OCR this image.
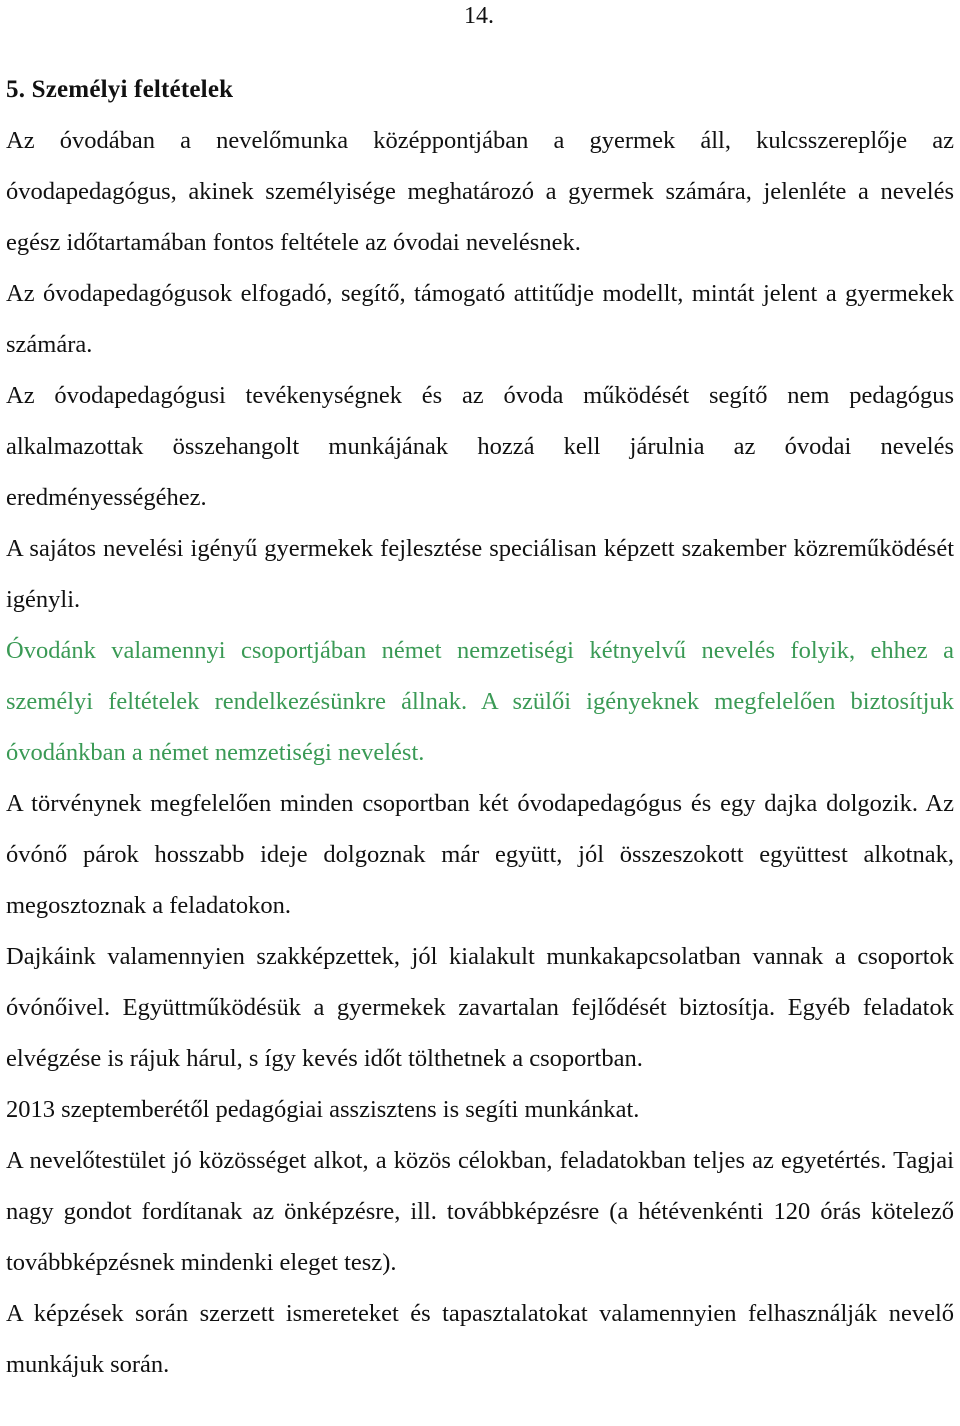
14.
5. Személyi feltételek

Az óvodában a nevelőmunka középpontjában a gyermek áll, kulcsszereplője az óvodapedagógus, akinek személyisége meghatározó a gyermek számára, jelenléte a nevelés egész időtartamában fontos feltétele az óvodai nevelésnek.

Az óvodapedagógusok elfogadó, segítő, támogató attitűdje modellt, mintát jelent a gyermekek számára.

Az óvodapedagógusi tevékenységnek és az óvoda működését segítő nem pedagógus alkalmazottak összehangolt munkájának hozzá kell járulnia az óvodai nevelés eredményességéhez.

A sajátos nevelési igényű gyermekek fejlesztése speciálisan képzett szakember közreműködését igényli.

Óvodánk valamennyi csoportjában német nemzetiségi kétnyelvű nevelés folyik, ehhez a személyi feltételek rendelkezésünkre állnak. A szülői igényeknek megfelelően biztosítjuk óvodánkban a német nemzetiségi nevelést.

A törvénynek megfelelően minden csoportban két óvodapedagógus és egy dajka dolgozik. Az óvónő párok hosszabb ideje dolgoznak már együtt, jól összeszokott együttest alkotnak, megosztoznak a feladatokon.

Dajkáink valamennyien szakképzettek, jól kialakult munkakapcsolatban vannak a csoportok óvónőivel. Együttműködésük a gyermekek zavartalan fejlődését biztosítja. Egyéb feladatok elvégzése is rájuk hárul, s így kevés időt tölthetnek a csoportban.

2013 szeptemberétől pedagógiai asszisztens is segíti munkánkat.

A nevelőtestület jó közösséget alkot, a közös célokban, feladatokban teljes az egyetértés. Tagjai nagy gondot fordítanak az önképzésre, ill. továbbképzésre (a hétévenkénti 120 órás kötelező továbbképzésnek mindenki eleget tesz).

A képzések során szerzett ismereteket és tapasztalatokat valamennyien felhasználják nevelő munkájuk során.
